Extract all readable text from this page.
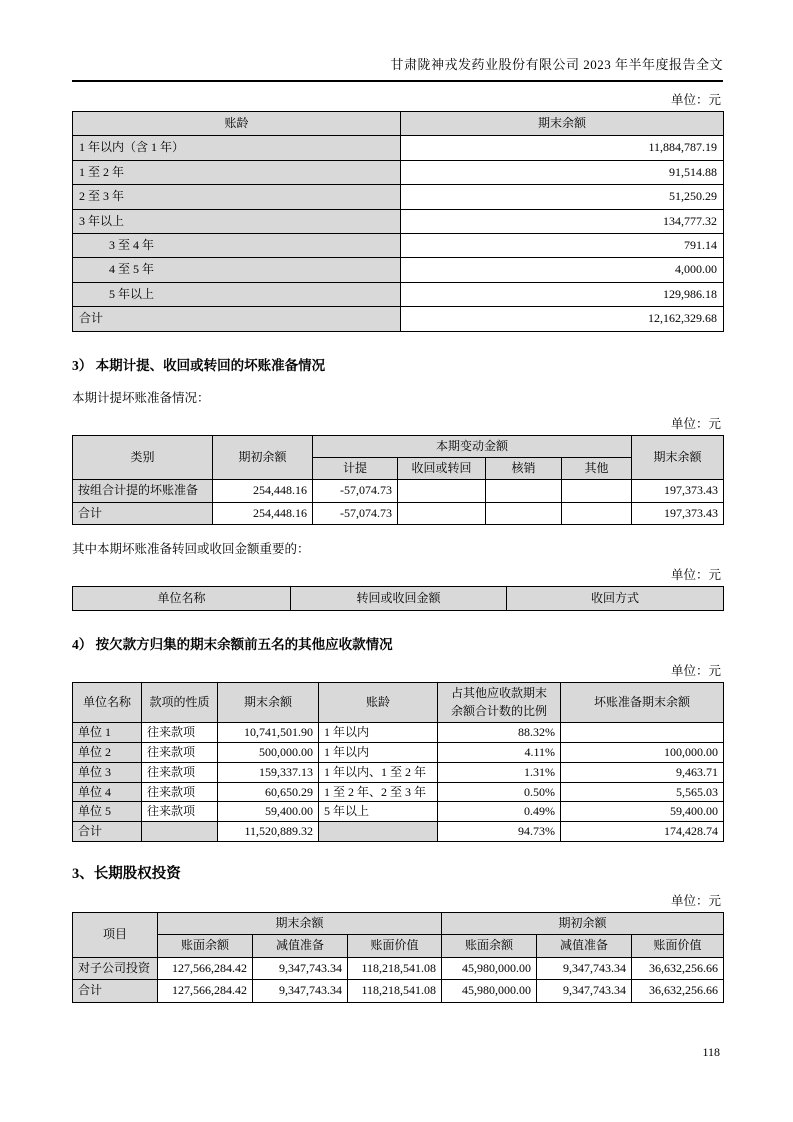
甘肃陇神戎发药业股份有限公司 2023 年半年度报告全文
单位：元
账龄	期末余额
1 年以内（含 1 年）	11,884,787.19
1 至 2 年	91,514.88
2 至 3 年	51,250.29
3 年以上	134,777.32
3 至 4 年	791.14
4 至 5 年	4,000.00
5 年以上	129,986.18
合计	12,162,329.68
3） 本期计提、收回或转回的坏账准备情况
本期计提坏账准备情况：
单位：元
类别	期初余额	本期变动金额				期末余额
		计提	收回或转回	核销	其他	
按组合计提的坏账准备	254,448.16	-57,074.73				197,373.43
合计	254,448.16	-57,074.73				197,373.43
其中本期坏账准备转回或收回金额重要的：
单位：元
单位名称	转回或收回金额	收回方式
4） 按欠款方归集的期末余额前五名的其他应收款情况
单位：元
单位名称	款项的性质	期末余额	账龄	占其他应收款期末余额合计数的比例	坏账准备期末余额
单位 1	往来款项	10,741,501.90	1 年以内	88.32%	
单位 2	往来款项	500,000.00	1 年以内	4.11%	100,000.00
单位 3	往来款项	159,337.13	1 年以内、1 至 2 年	1.31%	9,463.71
单位 4	往来款项	60,650.29	1 至 2 年、2 至 3 年	0.50%	5,565.03
单位 5	往来款项	59,400.00	5 年以上	0.49%	59,400.00
合计		11,520,889.32		94.73%	174,428.74
3、长期股权投资
单位：元
项目	期末余额			期初余额		
	账面余额	减值准备	账面价值	账面余额	减值准备	账面价值
对子公司投资	127,566,284.42	9,347,743.34	118,218,541.08	45,980,000.00	9,347,743.34	36,632,256.66
合计	127,566,284.42	9,347,743.34	118,218,541.08	45,980,000.00	9,347,743.34	36,632,256.66
118
